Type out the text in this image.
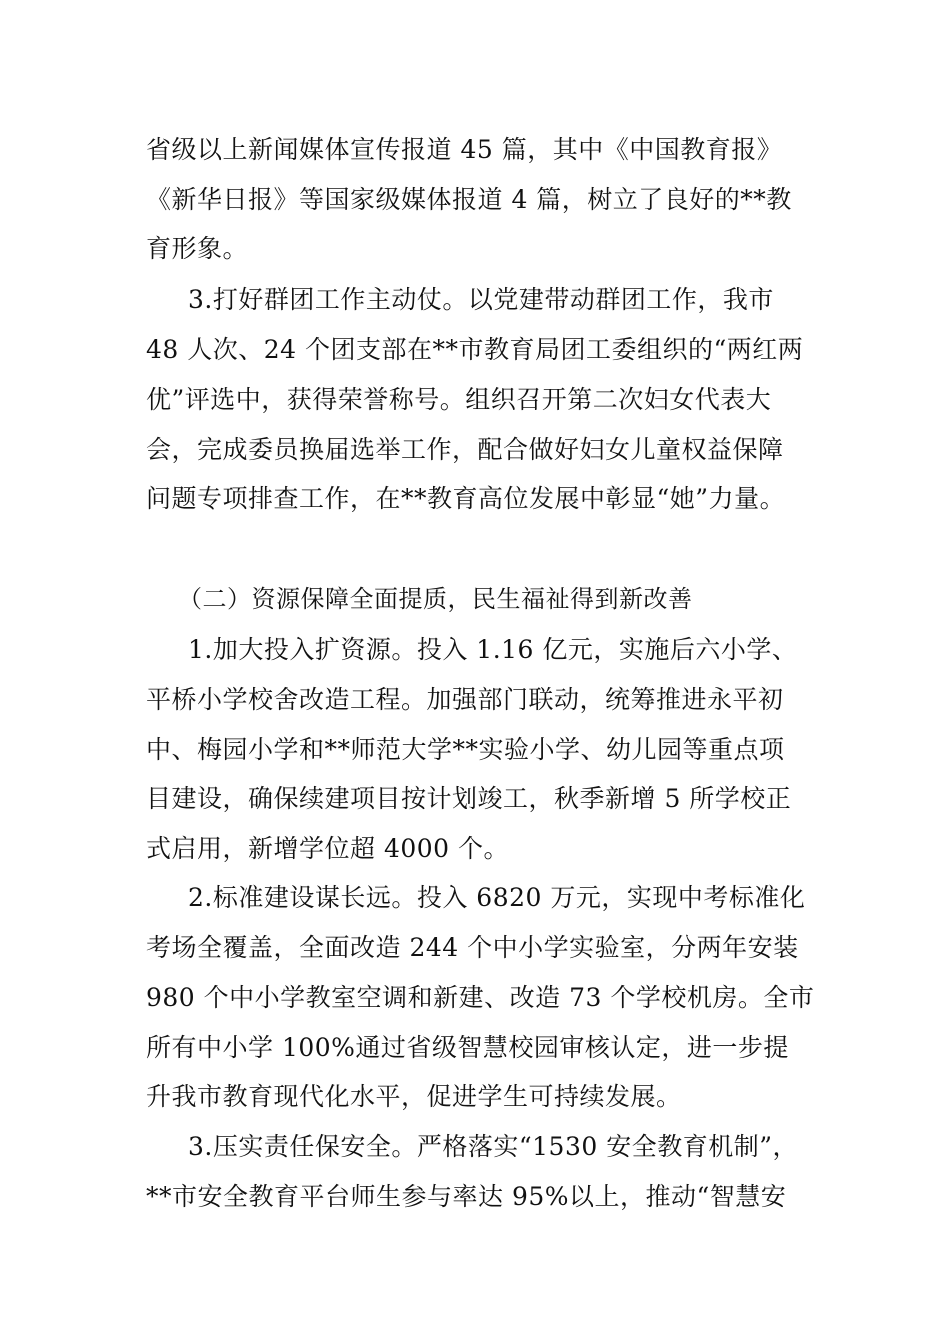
省级以上新闻媒体宣传报道 45 篇，其中《中国教育报》
《新华日报》等国家级媒体报道 4 篇，树立了良好的**教
育形象。
3.打好群团工作主动仗。以党建带动群团工作，我市
48 人次、24 个团支部在**市教育局团工委组织的“两红两
优”评选中，获得荣誉称号。组织召开第二次妇女代表大
会，完成委员换届选举工作，配合做好妇女儿童权益保障
问题专项排查工作，在**教育高位发展中彰显“她”力量。
（二）资源保障全面提质，民生福祉得到新改善
1.加大投入扩资源。投入 1.16 亿元，实施后六小学、
平桥小学校舍改造工程。加强部门联动，统筹推进永平初
中、梅园小学和**师范大学**实验小学、幼儿园等重点项
目建设，确保续建项目按计划竣工，秋季新增 5 所学校正
式启用，新增学位超 4000 个。
2.标准建设谋长远。投入 6820 万元，实现中考标准化
考场全覆盖，全面改造 244 个中小学实验室，分两年安装
980 个中小学教室空调和新建、改造 73 个学校机房。全市
所有中小学 100%通过省级智慧校园审核认定，进一步提
升我市教育现代化水平，促进学生可持续发展。
3.压实责任保安全。严格落实“1530 安全教育机制”，
**市安全教育平台师生参与率达 95%以上，推动“智慧安
